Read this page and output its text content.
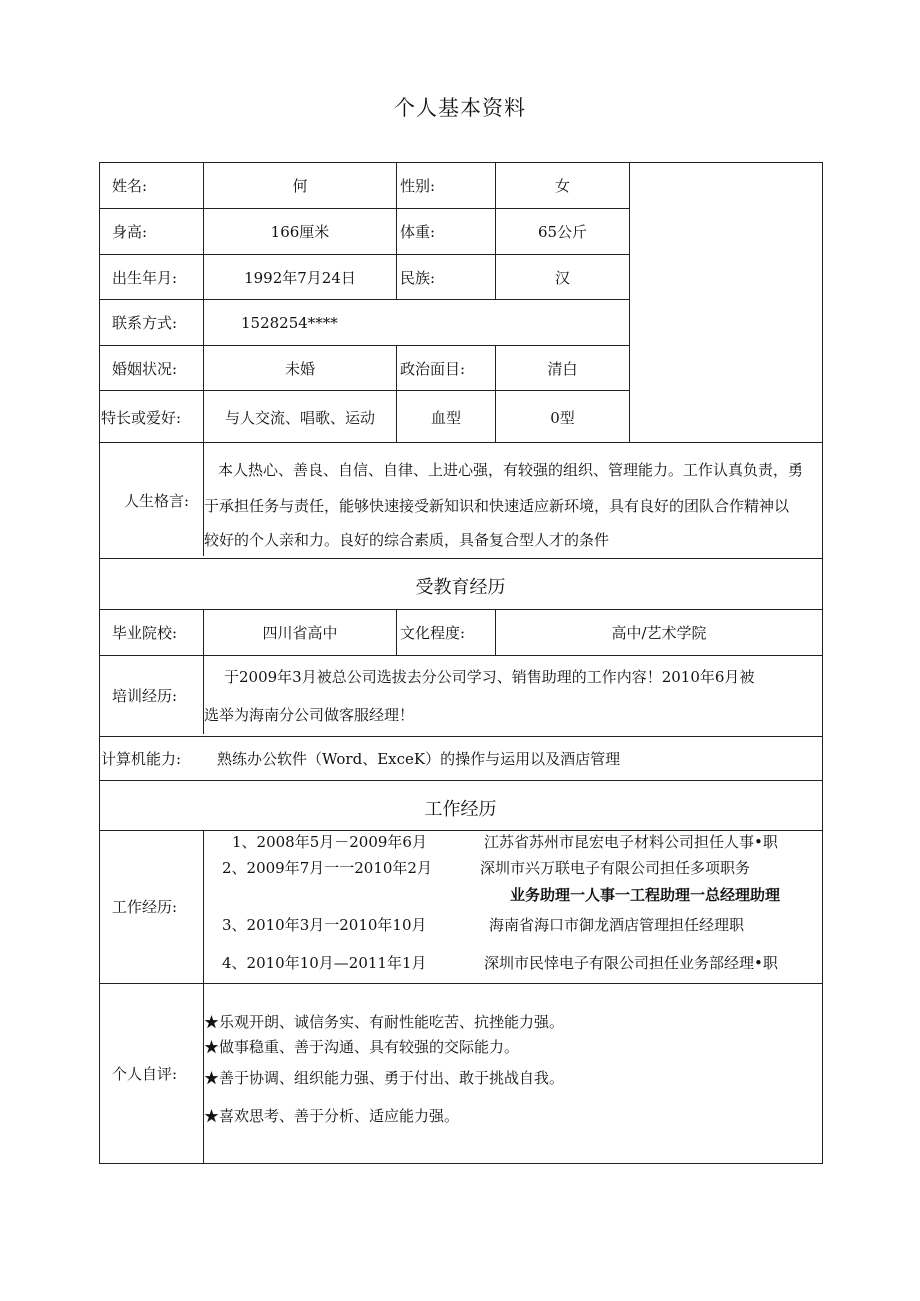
个人基本资料
姓名:	何	性别:	女
身高:	166厘米	体重:	65公斤
出生年月:	1992年7月24日	民族:	汉
联系方式:	1528254****
婚姻状况:	未婚	政治面目:	清白
特长或爱好:	与人交流、唱歌、运动	血型	0型
人生格言:
本人热心、善良、自信、自律、上进心强，有较强的组织、管理能力。工作认真负责，勇
于承担任务与责任，能够快速接受新知识和快速适应新环境，具有良好的团队合作精神以
较好的个人亲和力。良好的综合素质，具备复合型人才的条件
受教育经历
毕业院校:	四川省高中	文化程度:	高中/艺术学院
培训经历:
于2009年3月被总公司选拔去分公司学习、销售助理的工作内容！2010年6月被
选举为海南分公司做客服经理！
计算机能力: 熟练办公软件（Word、ExceK）的操作与运用以及酒店管理
工作经历
工作经历:
1、2008年5月－2009年6月	江苏省苏州市昆宏电子材料公司担任人事•职
2、2009年7月一一2010年2月	深圳市兴万联电子有限公司担任多项职务
业务助理一人事一工程助理一总经理助理
3、2010年3月一2010年10月	海南省海口市御龙酒店管理担任经理职
4、2010年10月—2011年1月	深圳市民悻电子有限公司担任业务部经理•职
个人自评:
★乐观开朗、诚信务实、有耐性能吃苦、抗挫能力强。
★做事稳重、善于沟通、具有较强的交际能力。
★善于协调、组织能力强、勇于付出、敢于挑战自我。
★喜欢思考、善于分析、适应能力强。
